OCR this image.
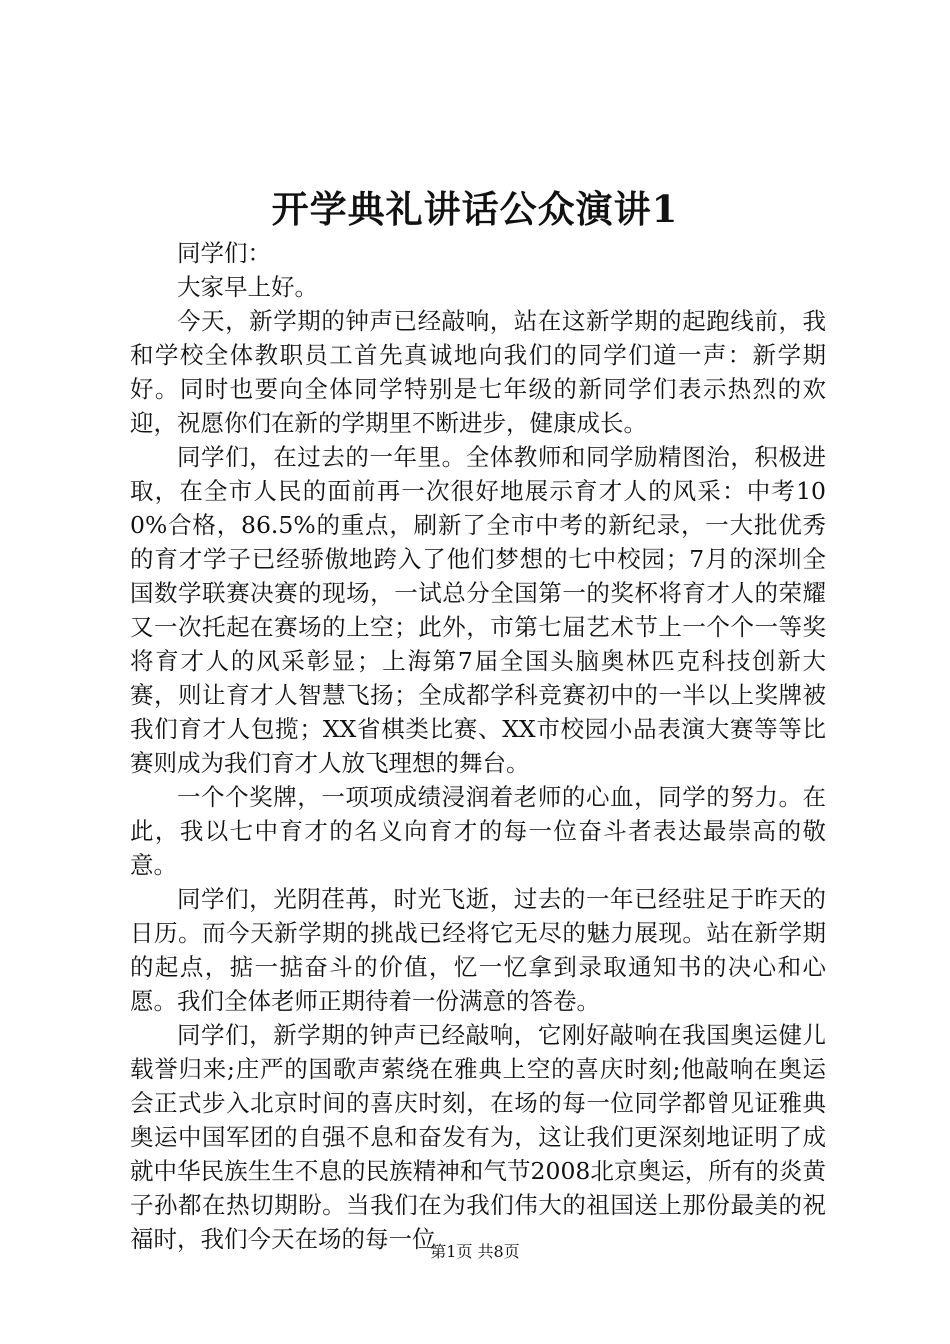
开学典礼讲话公众演讲1

同学们：

大家早上好。

今天，新学期的钟声已经敲响，站在这新学期的起跑线前，我和学校全体教职员工首先真诚地向我们的同学们道一声：新学期好。同时也要向全体同学特别是七年级的新同学们表示热烈的欢迎，祝愿你们在新的学期里不断进步，健康成长。

同学们，在过去的一年里。全体教师和同学励精图治，积极进取，在全市人民的面前再一次很好地展示育才人的风采：中考100%合格，86.5%的重点，刷新了全市中考的新纪录，一大批优秀的育才学子已经骄傲地跨入了他们梦想的七中校园；7月的深圳全国数学联赛决赛的现场，一试总分全国第一的奖杯将育才人的荣耀又一次托起在赛场的上空；此外，市第七届艺术节上一个个一等奖将育才人的风采彰显；上海第7届全国头脑奥林匹克科技创新大赛，则让育才人智慧飞扬；全成都学科竞赛初中的一半以上奖牌被我们育才人包揽；XX省棋类比赛、XX市校园小品表演大赛等等比赛则成为我们育才人放飞理想的舞台。

一个个奖牌，一项项成绩浸润着老师的心血，同学的努力。在此，我以七中育才的名义向育才的每一位奋斗者表达最崇高的敬意。

同学们，光阴荏苒，时光飞逝，过去的一年已经驻足于昨天的日历。而今天新学期的挑战已经将它无尽的魅力展现。站在新学期的起点，掂一掂奋斗的价值，忆一忆拿到录取通知书的决心和心愿。我们全体老师正期待着一份满意的答卷。

同学们，新学期的钟声已经敲响，它刚好敲响在我国奥运健儿载誉归来;庄严的国歌声萦绕在雅典上空的喜庆时刻;他敲响在奥运会正式步入北京时间的喜庆时刻，在场的每一位同学都曾见证雅典奥运中国军团的自强不息和奋发有为，这让我们更深刻地证明了成就中华民族生生不息的民族精神和气节2008北京奥运，所有的炎黄子孙都在热切期盼。当我们在为我们伟大的祖国送上那份最美的祝福时，我们今天在场的每一位

第1页 共8页
